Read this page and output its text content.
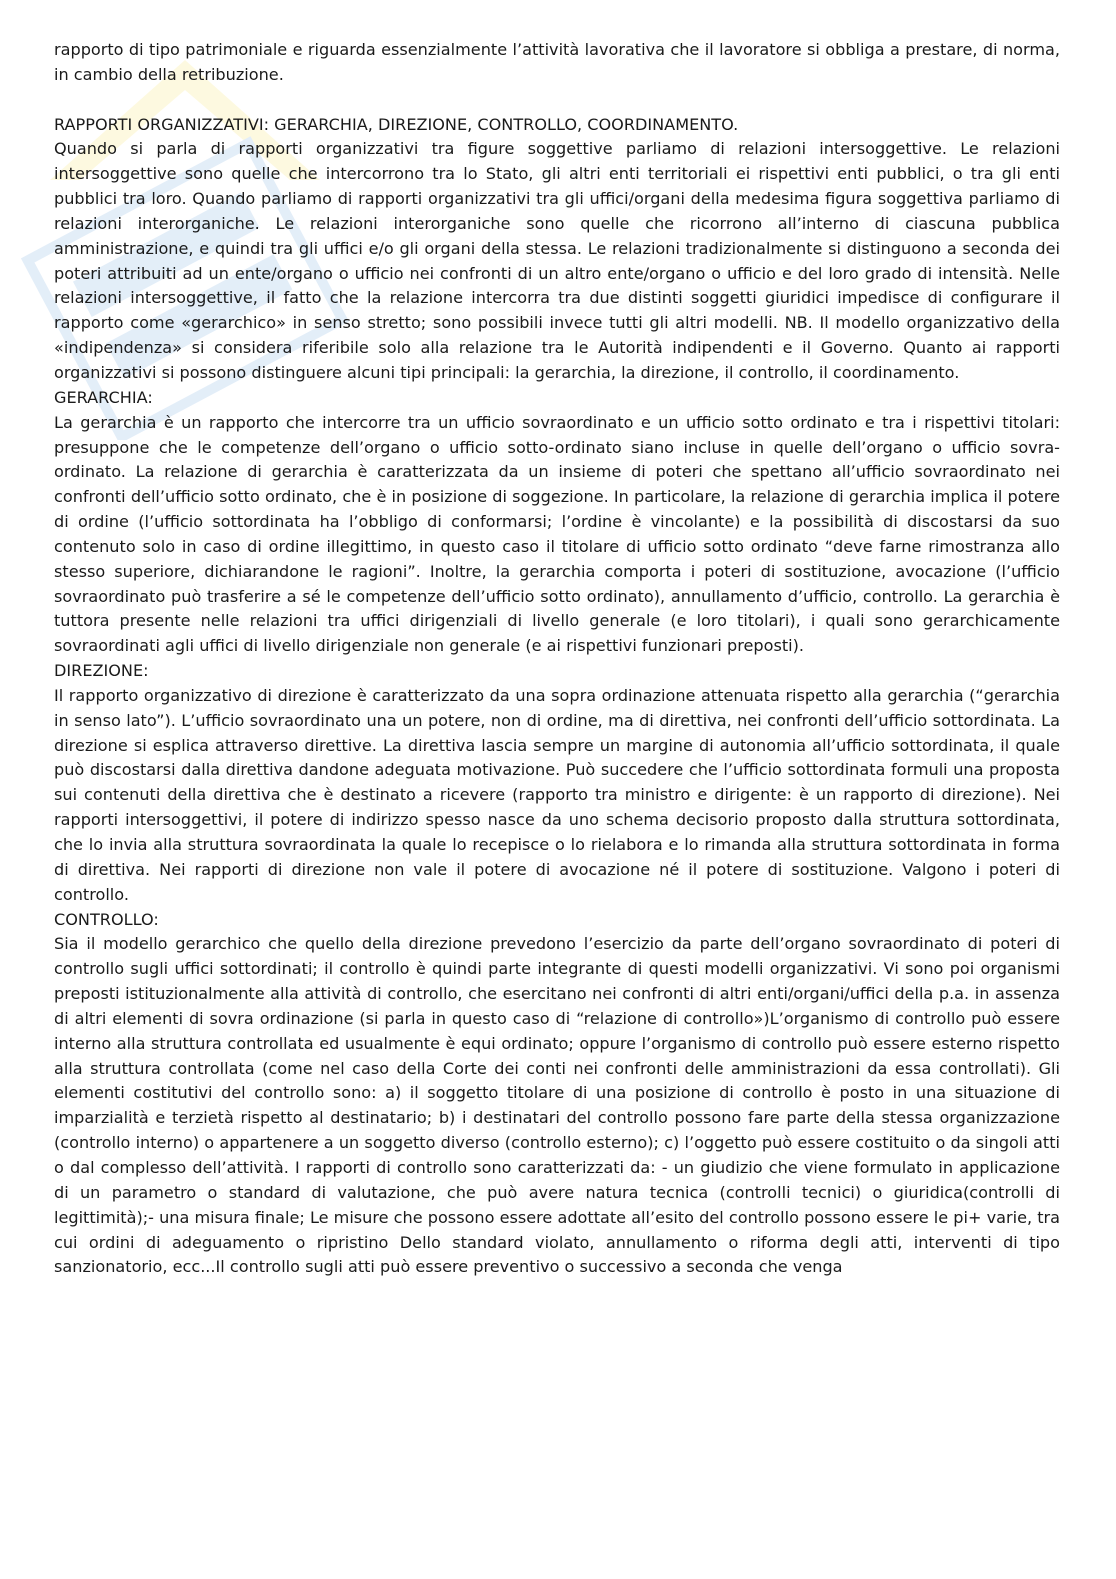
rapporto di tipo patrimoniale e riguarda essenzialmente l’attività lavorativa che il lavoratore si obbliga a prestare, di norma, in cambio della retribuzione.

RAPPORTI ORGANIZZATIVI: GERARCHIA, DIREZIONE, CONTROLLO, COORDINAMENTO.

Quando si parla di rapporti organizzativi tra figure soggettive parliamo di relazioni intersoggettive. Le relazioni intersoggettive sono quelle che intercorrono tra lo Stato, gli altri enti territoriali ei rispettivi enti pubblici, o tra gli enti pubblici tra loro. Quando parliamo di rapporti organizzativi tra gli uffici/organi della medesima figura soggettiva parliamo di relazioni interorganiche. Le relazioni interorganiche sono quelle che ricorrono all’interno di ciascuna pubblica amministrazione, e quindi tra gli uffici e/o gli organi della stessa. Le relazioni tradizionalmente si distinguono a seconda dei poteri attribuiti ad un ente/organo o ufficio nei confronti di un altro ente/organo o ufficio e del loro grado di intensità. Nelle relazioni intersoggettive, il fatto che la relazione intercorra tra due distinti soggetti giuridici impedisce di configurare il rapporto come «gerarchico» in senso stretto; sono possibili invece tutti gli altri modelli. NB. Il modello organizzativo della «indipendenza» si considera riferibile solo alla relazione tra le Autorità indipendenti e il Governo. Quanto ai rapporti organizzativi si possono distinguere alcuni tipi principali: la gerarchia, la direzione, il controllo, il coordinamento.

GERARCHIA:

La gerarchia è un rapporto che intercorre tra un ufficio sovraordinato e un ufficio sotto ordinato e tra i rispettivi titolari: presuppone che le competenze dell’organo o ufficio sotto-ordinato siano incluse in quelle dell’organo o ufficio sovra-ordinato. La relazione di gerarchia è caratterizzata da un insieme di poteri che spettano all’ufficio sovraordinato nei confronti dell’ufficio sotto ordinato, che è in posizione di soggezione. In particolare, la relazione di gerarchia implica il potere di ordine (l’ufficio sottordinata ha l’obbligo di conformarsi; l’ordine è vincolante) e la possibilità di discostarsi da suo contenuto solo in caso di ordine illegittimo, in questo caso il titolare di ufficio sotto ordinato “deve farne rimostranza allo stesso superiore, dichiarandone le ragioni”. Inoltre, la gerarchia comporta i poteri di sostituzione, avocazione (l’ufficio sovraordinato può trasferire a sé le competenze dell’ufficio sotto ordinato), annullamento d’ufficio, controllo. La gerarchia è tuttora presente nelle relazioni tra uffici dirigenziali di livello generale (e loro titolari), i quali sono gerarchicamente sovraordinati agli uffici di livello dirigenziale non generale (e ai rispettivi funzionari preposti).

DIREZIONE:

Il rapporto organizzativo di direzione è caratterizzato da una sopra ordinazione attenuata rispetto alla gerarchia (“gerarchia in senso lato”). L’ufficio sovraordinato una un potere, non di ordine, ma di direttiva, nei confronti dell’ufficio sottordinata. La direzione si esplica attraverso direttive. La direttiva lascia sempre un margine di autonomia all’ufficio sottordinata, il quale può discostarsi dalla direttiva dandone adeguata motivazione. Può succedere che l’ufficio sottordinata formuli una proposta sui contenuti della direttiva che è destinato a ricevere (rapporto tra ministro e dirigente: è un rapporto di direzione). Nei rapporti intersoggettivi, il potere di indirizzo spesso nasce da uno schema decisorio proposto dalla struttura sottordinata, che lo invia alla struttura sovraordinata la quale lo recepisce o lo rielabora e lo rimanda alla struttura sottordinata in forma di direttiva. Nei rapporti di direzione non vale il potere di avocazione né il potere di sostituzione. Valgono i poteri di controllo.

CONTROLLO:

Sia il modello gerarchico che quello della direzione prevedono l’esercizio da parte dell’organo sovraordinato di poteri di controllo sugli uffici sottordinati; il controllo è quindi parte integrante di questi modelli organizzativi. Vi sono poi organismi preposti istituzionalmente alla attività di controllo, che esercitano nei confronti di altri enti/organi/uffici della p.a. in assenza di altri elementi di sovra ordinazione (si parla in questo caso di “relazione di controllo»)L’organismo di controllo può essere interno alla struttura controllata ed usualmente è equi ordinato; oppure l’organismo di controllo può essere esterno rispetto alla struttura controllata (come nel caso della Corte dei conti nei confronti delle amministrazioni da essa controllati). Gli elementi costitutivi del controllo sono: a) il soggetto titolare di una posizione di controllo è posto in una situazione di imparzialità e terzietà rispetto al destinatario; b) i destinatari del controllo possono fare parte della stessa organizzazione (controllo interno) o appartenere a un soggetto diverso (controllo esterno); c) l’oggetto può essere costituito o da singoli atti o dal complesso dell’attività. I rapporti di controllo sono caratterizzati da: - un giudizio che viene formulato in applicazione di un parametro o standard di valutazione, che può avere natura tecnica (controlli tecnici) o giuridica(controlli di legittimità);- una misura finale; Le misure che possono essere adottate all’esito del controllo possono essere le pi+ varie, tra cui ordini di adeguamento o ripristino Dello standard violato, annullamento o riforma degli atti, interventi di tipo sanzionatorio, ecc...Il controllo sugli atti può essere preventivo o successivo a seconda che venga
